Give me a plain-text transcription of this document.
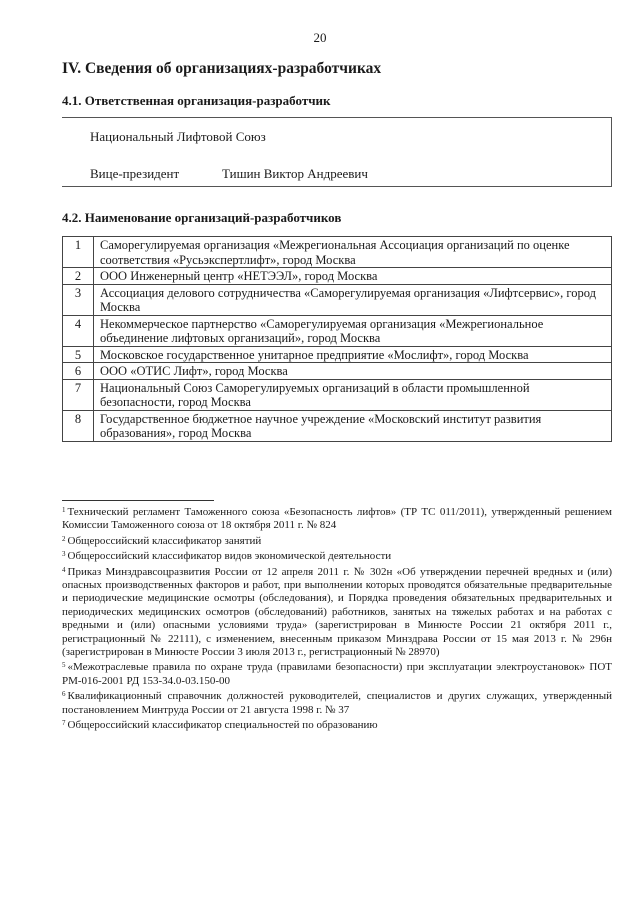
20
IV. Сведения об организациях-разработчиках
4.1. Ответственная организация-разработчик
Национальный Лифтовой Союз
Вице-президент	Тишин Виктор Андреевич
4.2. Наименование организаций-разработчиков
1	Саморегулируемая организация «Межрегиональная Ассоциация организаций по оценке соответствия «Русьэкспертлифт», город Москва
2	ООО Инженерный центр «НЕТЭЭЛ», город Москва
3	Ассоциация делового сотрудничества «Саморегулируемая организация «Лифтсервис», город Москва
4	Некоммерческое партнерство «Саморегулируемая организация «Межрегиональное объединение лифтовых организаций», город Москва
5	Московское государственное унитарное предприятие «Мослифт», город Москва
6	ООО «ОТИС Лифт», город Москва
7	Национальный Союз Саморегулируемых организаций в области промышленной безопасности, город Москва
8	Государственное бюджетное научное учреждение «Московский институт развития образования», город Москва

$^1$ Технический регламент Таможенного союза «Безопасность лифтов» (ТР ТС 011/2011), утвержденный решением Комиссии Таможенного союза от 18 октября 2011 г. № 824

$^2$ Общероссийский классификатор занятий

$^3$ Общероссийский классификатор видов экономической деятельности

$^4$ Приказ Минздравсоцразвития России от 12 апреля 2011 г. № 302н «Об утверждении перечней вредных и (или) опасных производственных факторов и работ, при выполнении которых проводятся обязательные предварительные и периодические медицинские осмотры (обследования), и Порядка проведения обязательных предварительных и периодических медицинских осмотров (обследований) работников, занятых на тяжелых работах и на работах с вредными и (или) опасными условиями труда» (зарегистрирован в Минюсте России 21 октября 2011 г., регистрационный № 22111), с изменением, внесенным приказом Минздрава России от 15 мая 2013 г. № 296н (зарегистрирован в Минюсте России 3 июля 2013 г., регистрационный № 28970)

$^5$ «Межотраслевые правила по охране труда (правилами безопасности) при эксплуатации электроустановок» ПОТ РМ-016-2001 РД 153-34.0-03.150-00

$^6$ Квалификационный справочник должностей руководителей, специалистов и других служащих, утвержденный постановлением Минтруда России от 21 августа 1998 г. № 37

$^7$ Общероссийский классификатор специальностей по образованию
